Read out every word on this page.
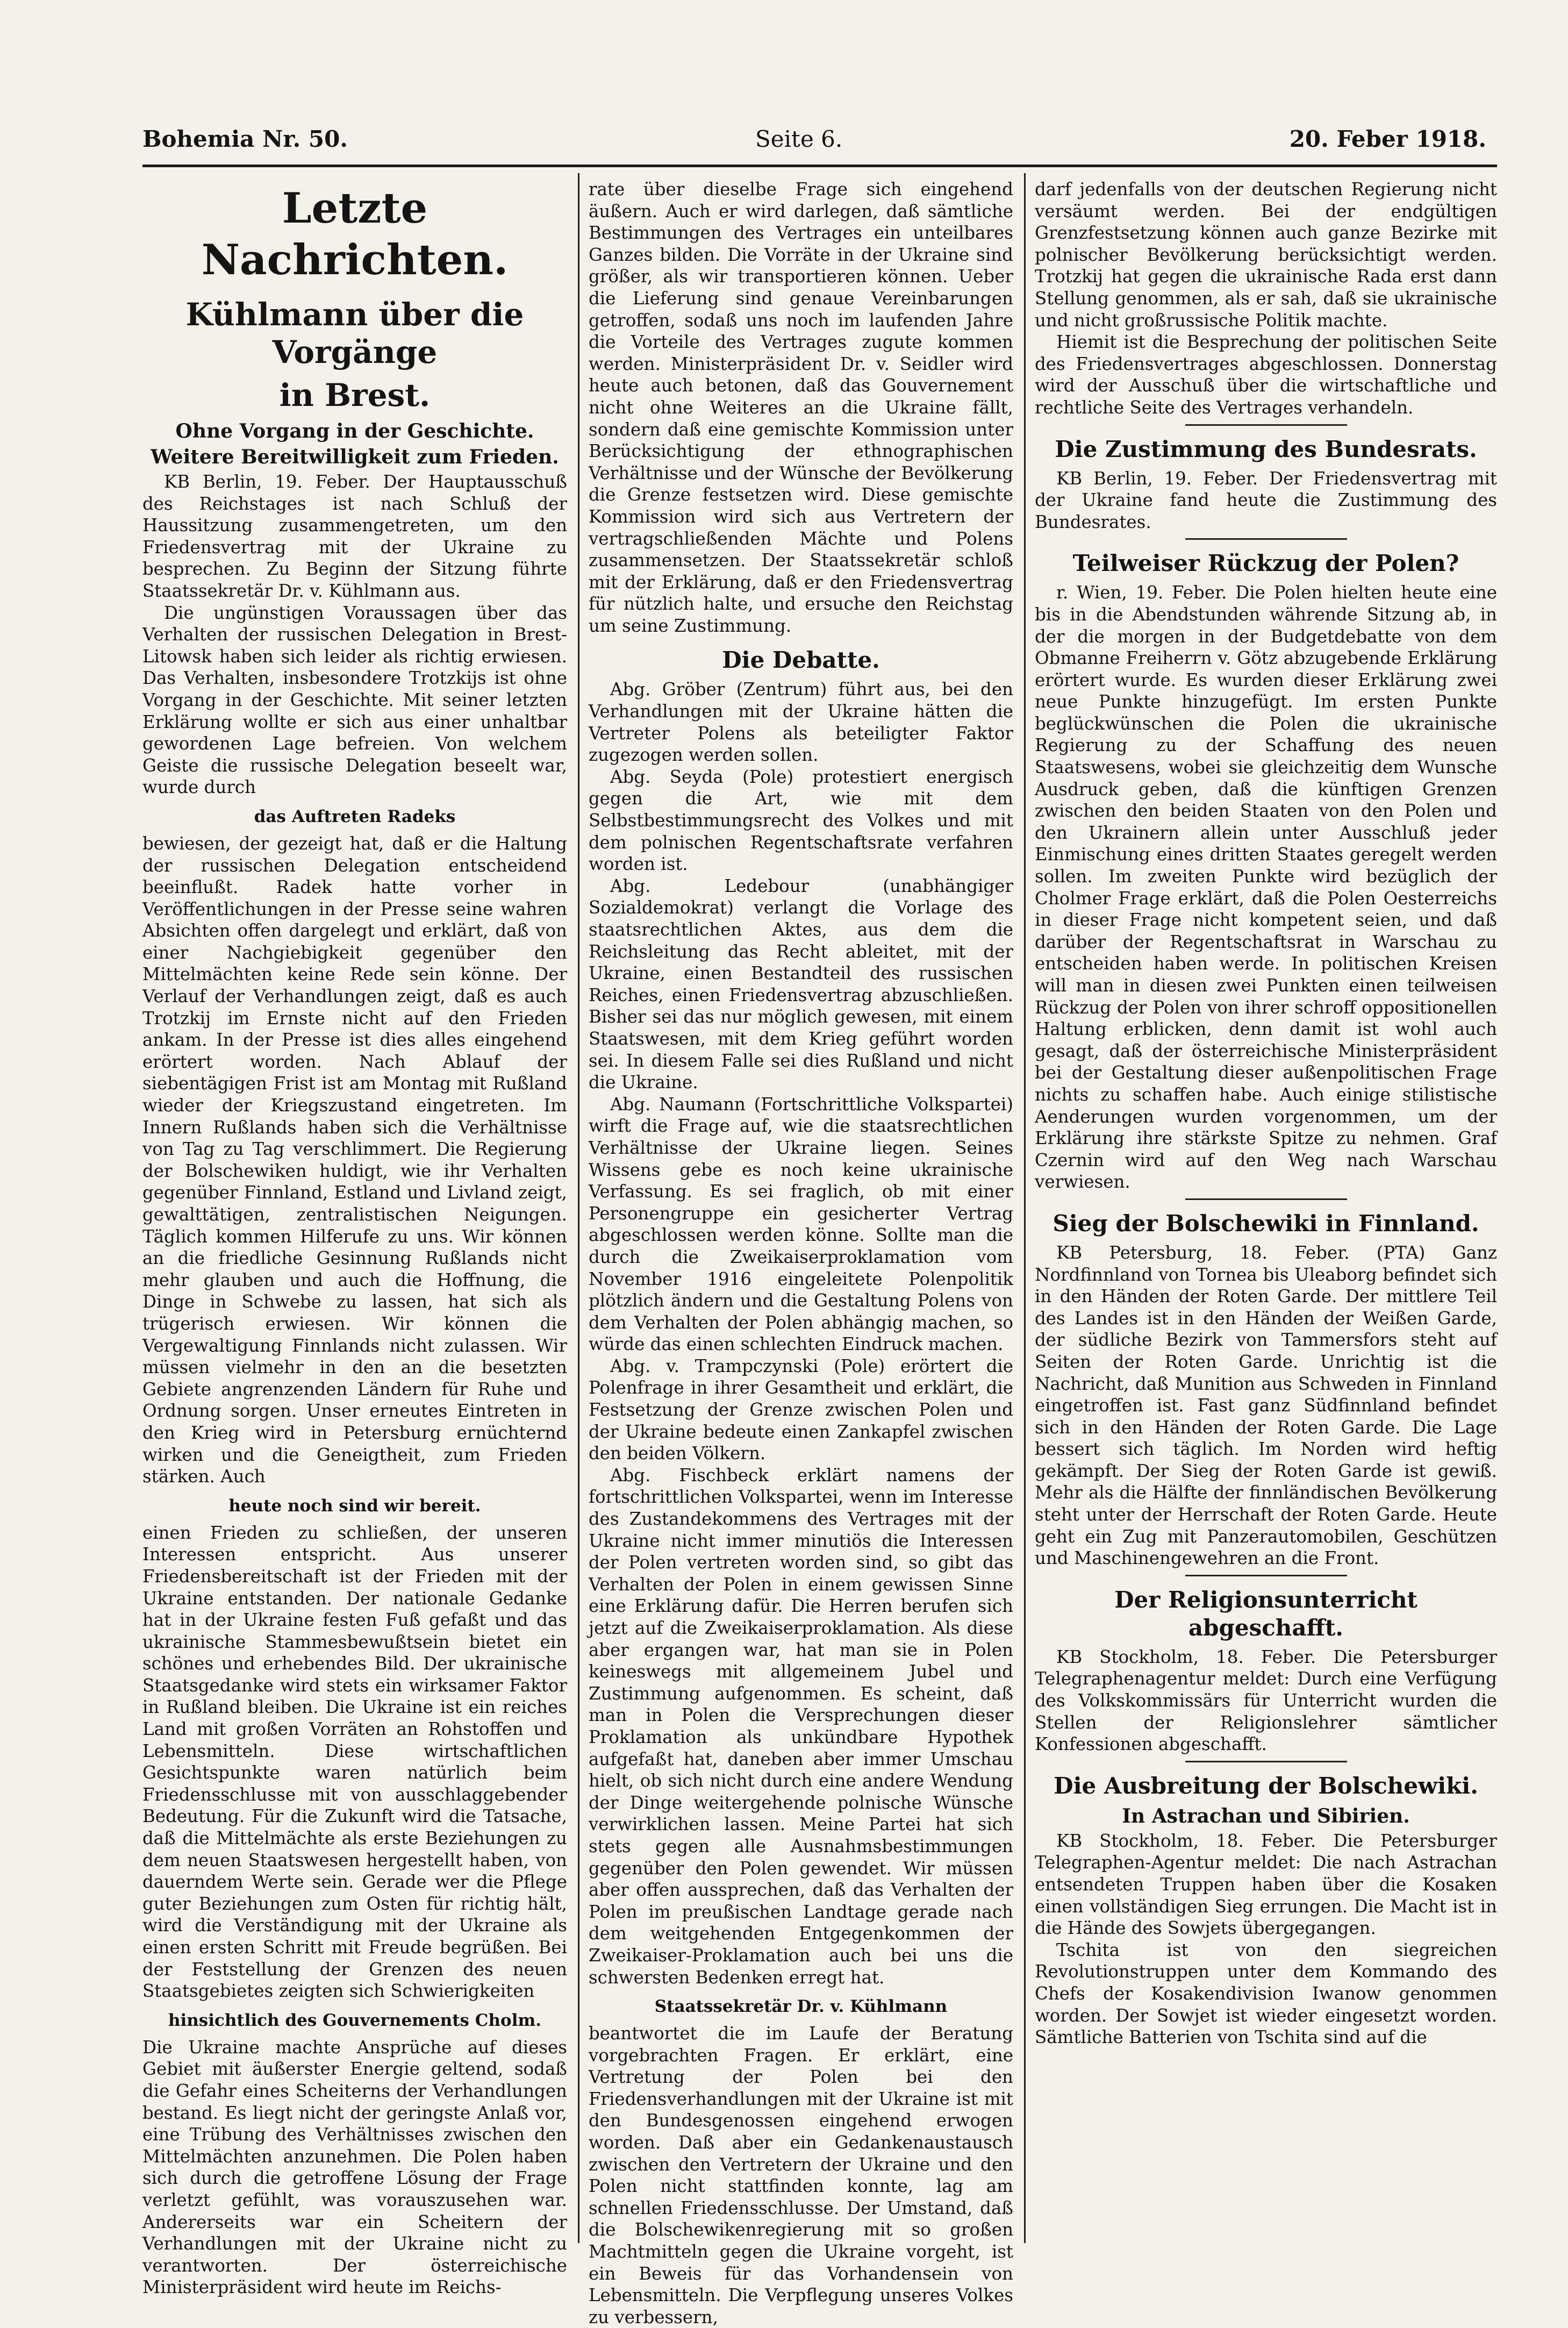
Bohemia Nr. 50.	Seite 6.	20. Feber 1918.
Letzte Nachrichten.
Kühlmann über die Vorgänge
in Brest.
Ohne Vorgang in der Geschichte.
Weitere Bereitwilligkeit zum Frieden.

KB Berlin, 19. Feber. Der Hauptausschuß des Reichstages ist nach Schluß der Haussitzung zusammengetreten, um den Friedensvertrag mit der Ukraine zu besprechen. Zu Beginn der Sitzung führte Staatssekretär Dr. v. Kühlmann aus.

Die ungünstigen Voraussagen über das Verhalten der russischen Delegation in Brest-Litowsk haben sich leider als richtig erwiesen. Das Verhalten, insbesondere Trotzkijs ist ohne Vorgang in der Geschichte. Mit seiner letzten Erklärung wollte er sich aus einer unhaltbar gewordenen Lage befreien. Von welchem Geiste die russische Delegation beseelt war, wurde durch

das Auftreten Radeks

bewiesen, der gezeigt hat, daß er die Haltung der russischen Delegation entscheidend beeinflußt. Radek hatte vorher in Veröffentlichungen in der Presse seine wahren Absichten offen dargelegt und erklärt, daß von einer Nachgiebigkeit gegenüber den Mittelmächten keine Rede sein könne. Der Verlauf der Verhandlungen zeigt, daß es auch Trotzkij im Ernste nicht auf den Frieden ankam. In der Presse ist dies alles eingehend erörtert worden. Nach Ablauf der siebentägigen Frist ist am Montag mit Rußland wieder der Kriegszustand eingetreten. Im Innern Rußlands haben sich die Verhältnisse von Tag zu Tag verschlimmert. Die Regierung der Bolschewiken huldigt, wie ihr Verhalten gegenüber Finnland, Estland und Livland zeigt, gewalttätigen, zentralistischen Neigungen. Täglich kommen Hilferufe zu uns. Wir können an die friedliche Gesinnung Rußlands nicht mehr glauben und auch die Hoffnung, die Dinge in Schwebe zu lassen, hat sich als trügerisch erwiesen. Wir können die Vergewaltigung Finnlands nicht zulassen. Wir müssen vielmehr in den an die besetzten Gebiete angrenzenden Ländern für Ruhe und Ordnung sorgen. Unser erneutes Eintreten in den Krieg wird in Petersburg ernüchternd wirken und die Geneigtheit, zum Frieden stärken. Auch

heute noch sind wir bereit.

einen Frieden zu schließen, der unseren Interessen entspricht. Aus unserer Friedensbereitschaft ist der Frieden mit der Ukraine entstanden. Der nationale Gedanke hat in der Ukraine festen Fuß gefaßt und das ukrainische Stammesbewußtsein bietet ein schönes und erhebendes Bild. Der ukrainische Staatsgedanke wird stets ein wirksamer Faktor in Rußland bleiben. Die Ukraine ist ein reiches Land mit großen Vorräten an Rohstoffen und Lebensmitteln. Diese wirtschaftlichen Gesichtspunkte waren natürlich beim Friedensschlusse mit von ausschlaggebender Bedeutung. Für die Zukunft wird die Tatsache, daß die Mittelmächte als erste Beziehungen zu dem neuen Staatswesen hergestellt haben, von dauerndem Werte sein. Gerade wer die Pflege guter Beziehungen zum Osten für richtig hält, wird die Verständigung mit der Ukraine als einen ersten Schritt mit Freude begrüßen. Bei der Feststellung der Grenzen des neuen Staatsgebietes zeigten sich Schwierigkeiten

hinsichtlich des Gouvernements Cholm.

Die Ukraine machte Ansprüche auf dieses Gebiet mit äußerster Energie geltend, sodaß die Gefahr eines Scheiterns der Verhandlungen bestand. Es liegt nicht der geringste Anlaß vor, eine Trübung des Verhältnisses zwischen den Mittelmächten anzunehmen. Die Polen haben sich durch die getroffene Lösung der Frage verletzt gefühlt, was vorauszusehen war. Andererseits war ein Scheitern der Verhandlungen mit der Ukraine nicht zu verantworten. Der österreichische Ministerpräsident wird heute im Reichs-

rate über dieselbe Frage sich eingehend äußern. Auch er wird darlegen, daß sämtliche Bestimmungen des Vertrages ein unteilbares Ganzes bilden. Die Vorräte in der Ukraine sind größer, als wir transportieren können. Ueber die Lieferung sind genaue Vereinbarungen getroffen, sodaß uns noch im laufenden Jahre die Vorteile des Vertrages zugute kommen werden. Ministerpräsident Dr. v. Seidler wird heute auch betonen, daß das Gouvernement nicht ohne Weiteres an die Ukraine fällt, sondern daß eine gemischte Kommission unter Berücksichtigung der ethnographischen Verhältnisse und der Wünsche der Bevölkerung die Grenze festsetzen wird. Diese gemischte Kommission wird sich aus Vertretern der vertragschließenden Mächte und Polens zusammensetzen. Der Staatssekretär schloß mit der Erklärung, daß er den Friedensvertrag für nützlich halte, und ersuche den Reichstag um seine Zustimmung.

Die Debatte.

Abg. Gröber (Zentrum) führt aus, bei den Verhandlungen mit der Ukraine hätten die Vertreter Polens als beteiligter Faktor zugezogen werden sollen.

Abg. Seyda (Pole) protestiert energisch gegen die Art, wie mit dem Selbstbestimmungsrecht des Volkes und mit dem polnischen Regentschaftsrate verfahren worden ist.

Abg. Ledebour (unabhängiger Sozialdemokrat) verlangt die Vorlage des staatsrechtlichen Aktes, aus dem die Reichsleitung das Recht ableitet, mit der Ukraine, einen Bestandteil des russischen Reiches, einen Friedensvertrag abzuschließen. Bisher sei das nur möglich gewesen, mit einem Staatswesen, mit dem Krieg geführt worden sei. In diesem Falle sei dies Rußland und nicht die Ukraine.

Abg. Naumann (Fortschrittliche Volkspartei) wirft die Frage auf, wie die staatsrechtlichen Verhältnisse der Ukraine liegen. Seines Wissens gebe es noch keine ukrainische Verfassung. Es sei fraglich, ob mit einer Personengruppe ein gesicherter Vertrag abgeschlossen werden könne. Sollte man die durch die Zweikaiserproklamation vom November 1916 eingeleitete Polenpolitik plötzlich ändern und die Gestaltung Polens von dem Verhalten der Polen abhängig machen, so würde das einen schlechten Eindruck machen.

Abg. v. Trampczynski (Pole) erörtert die Polenfrage in ihrer Gesamtheit und erklärt, die Festsetzung der Grenze zwischen Polen und der Ukraine bedeute einen Zankapfel zwischen den beiden Völkern.

Abg. Fischbeck erklärt namens der fortschrittlichen Volkspartei, wenn im Interesse des Zustandekommens des Vertrages mit der Ukraine nicht immer minutiös die Interessen der Polen vertreten worden sind, so gibt das Verhalten der Polen in einem gewissen Sinne eine Erklärung dafür. Die Herren berufen sich jetzt auf die Zweikaiserproklamation. Als diese aber ergangen war, hat man sie in Polen keineswegs mit allgemeinem Jubel und Zustimmung aufgenommen. Es scheint, daß man in Polen die Versprechungen dieser Proklamation als unkündbare Hypothek aufgefaßt hat, daneben aber immer Umschau hielt, ob sich nicht durch eine andere Wendung der Dinge weitergehende polnische Wünsche verwirklichen lassen. Meine Partei hat sich stets gegen alle Ausnahmsbestimmungen gegenüber den Polen gewendet. Wir müssen aber offen aussprechen, daß das Verhalten der Polen im preußischen Landtage gerade nach dem weitgehenden Entgegenkommen der Zweikaiser-Proklamation auch bei uns die schwersten Bedenken erregt hat.

Staatssekretär Dr. v. Kühlmann

beantwortet die im Laufe der Beratung vorgebrachten Fragen. Er erklärt, eine Vertretung der Polen bei den Friedensverhandlungen mit der Ukraine ist mit den Bundesgenossen eingehend erwogen worden. Daß aber ein Gedankenaustausch zwischen den Vertretern der Ukraine und den Polen nicht stattfinden konnte, lag am schnellen Friedensschlusse. Der Umstand, daß die Bolschewikenregierung mit so großen Machtmitteln gegen die Ukraine vorgeht, ist ein Beweis für das Vorhandensein von Lebensmitteln. Die Verpflegung unseres Volkes zu verbessern,

darf jedenfalls von der deutschen Regierung nicht versäumt werden. Bei der endgültigen Grenzfestsetzung können auch ganze Bezirke mit polnischer Bevölkerung berücksichtigt werden. Trotzkij hat gegen die ukrainische Rada erst dann Stellung genommen, als er sah, daß sie ukrainische und nicht großrussische Politik machte.

Hiemit ist die Besprechung der politischen Seite des Friedensvertrages abgeschlossen. Donnerstag wird der Ausschuß über die wirtschaftliche und rechtliche Seite des Vertrages verhandeln.

Die Zustimmung des Bundesrats.

KB Berlin, 19. Feber. Der Friedensvertrag mit der Ukraine fand heute die Zustimmung des Bundesrates.

Teilweiser Rückzug der Polen?

r. Wien, 19. Feber. Die Polen hielten heute eine bis in die Abendstunden währende Sitzung ab, in der die morgen in der Budgetdebatte von dem Obmanne Freiherrn v. Götz abzugebende Erklärung erörtert wurde. Es wurden dieser Erklärung zwei neue Punkte hinzugefügt. Im ersten Punkte beglückwünschen die Polen die ukrainische Regierung zu der Schaffung des neuen Staatswesens, wobei sie gleichzeitig dem Wunsche Ausdruck geben, daß die künftigen Grenzen zwischen den beiden Staaten von den Polen und den Ukrainern allein unter Ausschluß jeder Einmischung eines dritten Staates geregelt werden sollen. Im zweiten Punkte wird bezüglich der Cholmer Frage erklärt, daß die Polen Oesterreichs in dieser Frage nicht kompetent seien, und daß darüber der Regentschaftsrat in Warschau zu entscheiden haben werde. In politischen Kreisen will man in diesen zwei Punkten einen teilweisen Rückzug der Polen von ihrer schroff oppositionellen Haltung erblicken, denn damit ist wohl auch gesagt, daß der österreichische Ministerpräsident bei der Gestaltung dieser außenpolitischen Frage nichts zu schaffen habe. Auch einige stilistische Aenderungen wurden vorgenommen, um der Erklärung ihre stärkste Spitze zu nehmen. Graf Czernin wird auf den Weg nach Warschau verwiesen.

Sieg der Bolschewiki in Finnland.

KB Petersburg, 18. Feber. (PTA) Ganz Nordfinnland von Tornea bis Uleaborg befindet sich in den Händen der Roten Garde. Der mittlere Teil des Landes ist in den Händen der Weißen Garde, der südliche Bezirk von Tammersfors steht auf Seiten der Roten Garde. Unrichtig ist die Nachricht, daß Munition aus Schweden in Finnland eingetroffen ist. Fast ganz Südfinnland befindet sich in den Händen der Roten Garde. Die Lage bessert sich täglich. Im Norden wird heftig gekämpft. Der Sieg der Roten Garde ist gewiß. Mehr als die Hälfte der finnländischen Bevölkerung steht unter der Herrschaft der Roten Garde. Heute geht ein Zug mit Panzerautomobilen, Geschützen und Maschinengewehren an die Front.

Der Religionsunterricht abgeschafft.

KB Stockholm, 18. Feber. Die Petersburger Telegraphenagentur meldet: Durch eine Verfügung des Volkskommissärs für Unterricht wurden die Stellen der Religionslehrer sämtlicher Konfessionen abgeschafft.

Die Ausbreitung der Bolschewiki.
In Astrachan und Sibirien.

KB Stockholm, 18. Feber. Die Petersburger Telegraphen-Agentur meldet: Die nach Astrachan entsendeten Truppen haben über die Kosaken einen vollständigen Sieg errungen. Die Macht ist in die Hände des Sowjets übergegangen.

Tschita ist von den siegreichen Revolutionstruppen unter dem Kommando des Chefs der Kosakendivision Iwanow genommen worden. Der Sowjet ist wieder eingesetzt worden. Sämtliche Batterien von Tschita sind auf die
